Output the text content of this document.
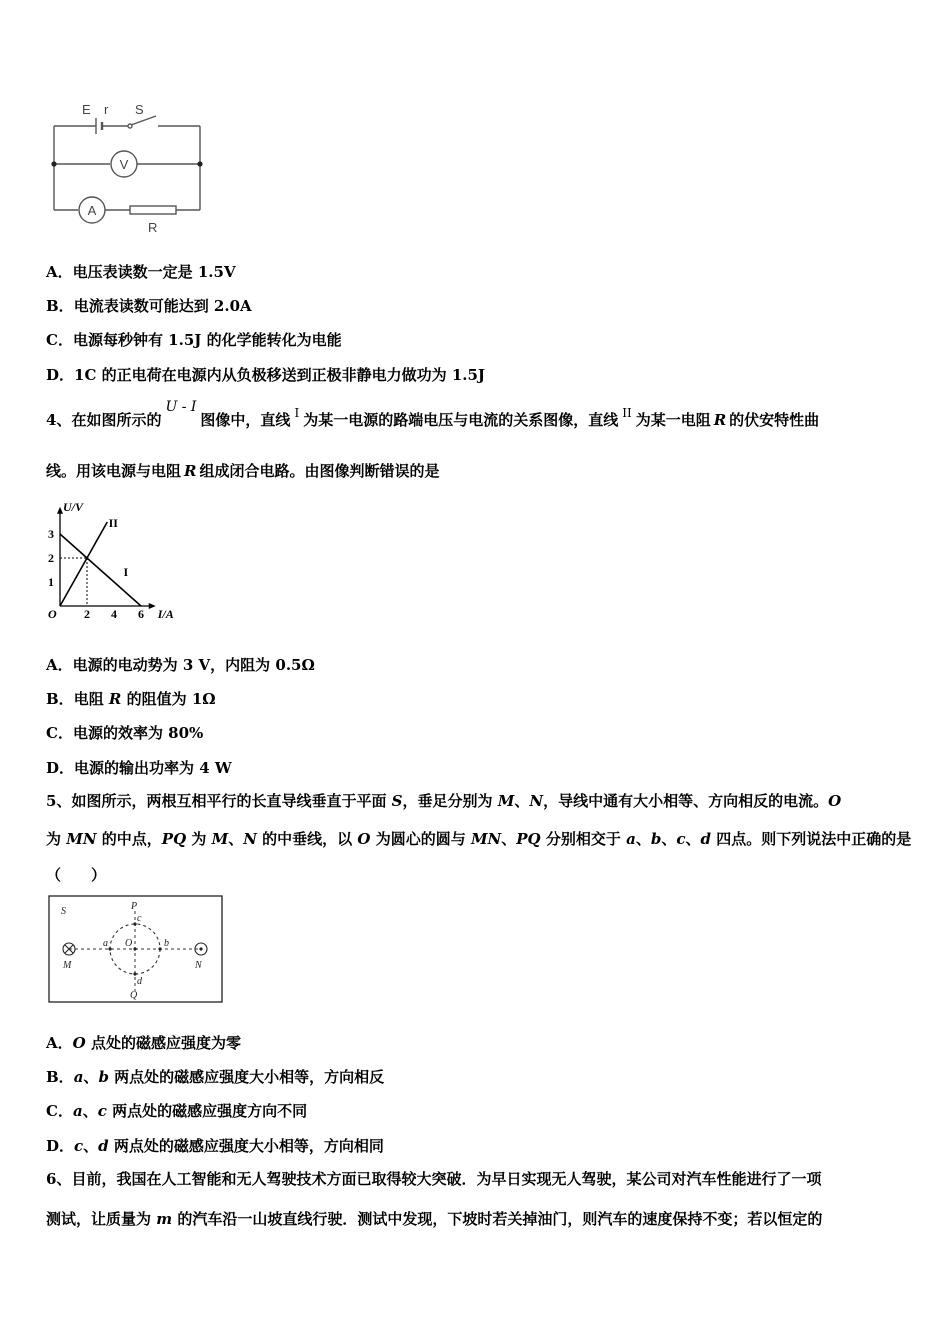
E r S
V
A
R
A．电压表读数一定是 1.5V
B．电流表读数可能达到 2.0A
C．电源每秒钟有 1.5J 的化学能转化为电能
D．1C 的正电荷在电源内从负极移送到正极非静电力做功为 1.5J
4、在如图所示的U - I图像中，直线 $^I$ 为某一电源的路端电压与电流的关系图像，直线 $^{II}$ 为某一电阻 R 的伏安特性曲
线。用该电源与电阻 R 组成闭合电路。由图像判断错误的是
U/V
I/A
O 2 4 6
1
2
3
II
I
A．电源的电动势为 3 V，内阻为 0.5Ω
B．电阻 R 的阻值为 1Ω
C．电源的效率为 80%
D．电源的输出功率为 4 W
5、如图所示，两根互相平行的长直导线垂直于平面 S，垂足分别为 M、N，导线中通有大小相等、方向相反的电流。O
为 MN 的中点，PQ 为 M、N 的中垂线，以 O 为圆心的圆与 MN、PQ 分别相交于 a、b、c、d 四点。则下列说法中正确的是
（　　）
S	P
c
a O	b
d
Q
M	N
A．O 点处的磁感应强度为零
B．a、b 两点处的磁感应强度大小相等，方向相反
C．a、c 两点处的磁感应强度方向不同
D．c、d 两点处的磁感应强度大小相等，方向相同
6、目前，我国在人工智能和无人驾驶技术方面已取得较大突破．为早日实现无人驾驶，某公司对汽车性能进行了一项
测试，让质量为 m 的汽车沿一山坡直线行驶．测试中发现，下坡时若关掉油门，则汽车的速度保持不变；若以恒定的
